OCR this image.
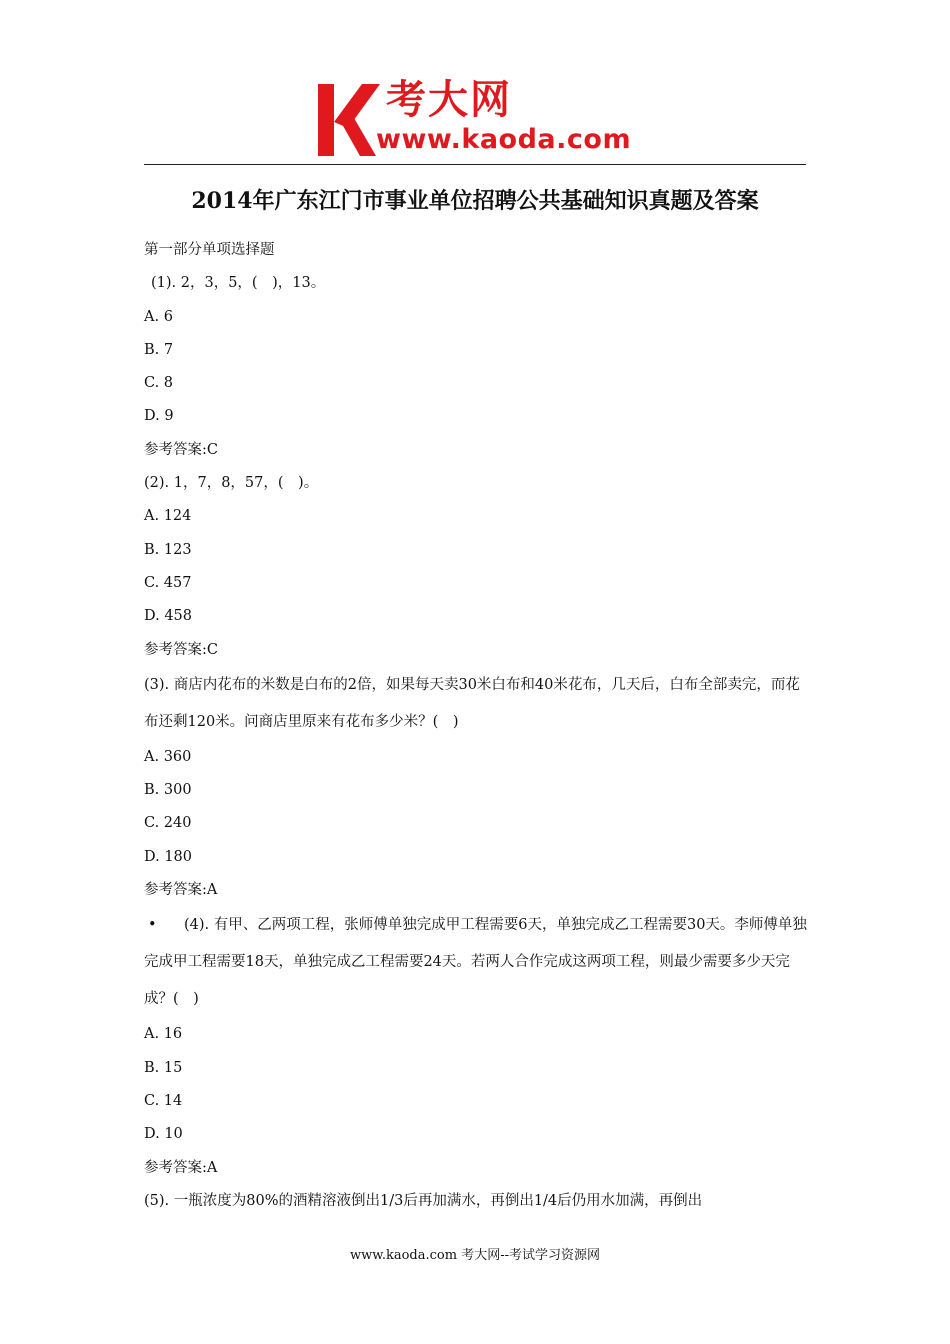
考大网
www.kaoda.com
2014年广东江门市事业单位招聘公共基础知识真题及答案
第一部分单项选择题
(1). 2，3，5，(　)，13。
A. 6
B. 7
C. 8
D. 9
参考答案:C
(2). 1，7，8，57，(　)。
A. 124
B. 123
C. 457
D. 458
参考答案:C
(3). 商店内花布的米数是白布的2倍，如果每天卖30米白布和40米花布，几天后，白布全部卖完，而花布还剩120米。问商店里原来有花布多少米？(　)
A. 360
B. 300
C. 240
D. 180
参考答案:A
• (4). 有甲、乙两项工程，张师傅单独完成甲工程需要6天，单独完成乙工程需要30天。李师傅单独完成甲工程需要18天，单独完成乙工程需要24天。若两人合作完成这两项工程，则最少需要多少天完成？(　)
A. 16
B. 15
C. 14
D. 10
参考答案:A
(5). 一瓶浓度为80%的酒精溶液倒出1/3后再加满水，再倒出1/4后仍用水加满，再倒出
www.kaoda.com 考大网--考试学习资源网
